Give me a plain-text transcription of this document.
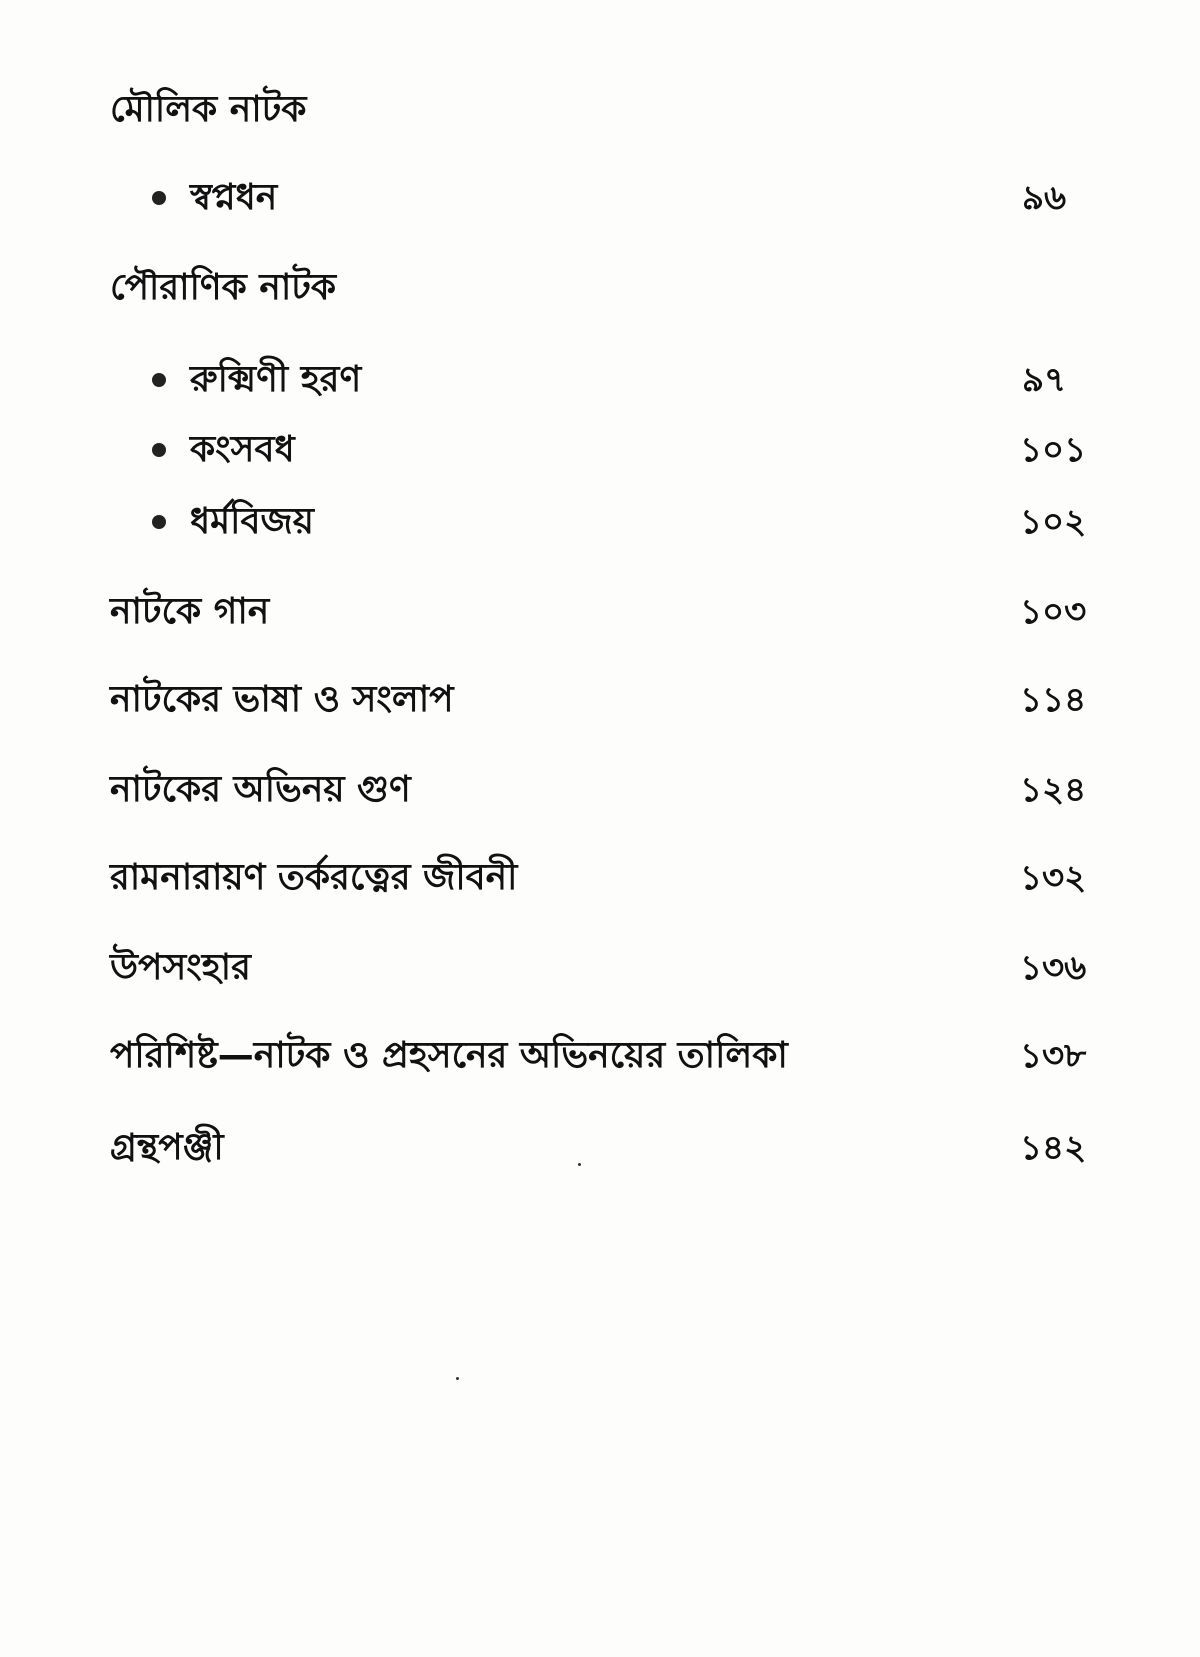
মৌলিক নাটক
স্বপ্নধন	৯৬
পৌরাণিক নাটক
রুক্মিণী হরণ	৯৭
কংসবধ	১০১
ধর্মবিজয়	১০২
নাটকে গান	১০৩
নাটকের ভাষা ও সংলাপ	১১৪
নাটকের অভিনয় গুণ	১২৪
রামনারায়ণ তর্করত্নের জীবনী	১৩২
উপসংহার	১৩৬
পরিশিষ্ট—নাটক ও প্রহসনের অভিনয়ের তালিকা	১৩৮
গ্রন্থপঞ্জী	১৪২
